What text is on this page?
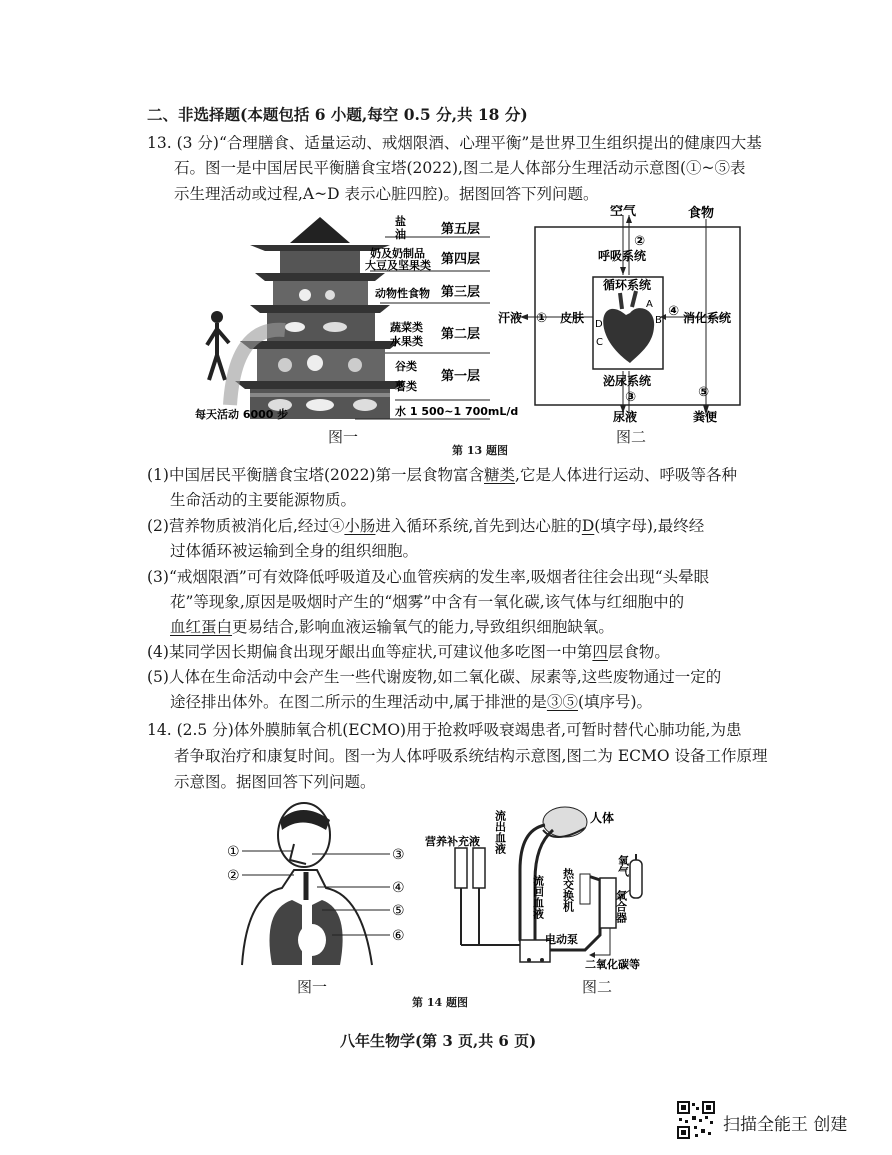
二、非选择题(本题包括 6 小题,每空 0.5 分,共 18 分)
13. (3 分)“合理膳食、适量运动、戒烟限酒、心理平衡”是世界卫生组织提出的健康四大基
石。图一是中国居民平衡膳食宝塔(2022),图二是人体部分生理活动示意图(①~⑤表
示生理活动或过程,A~D 表示心脏四腔)。据图回答下列问题。
盐
油
奶及奶制品
大豆及坚果类
动物性食物
蔬菜类
水果类
谷类
薯类
第五层
第四层
第三层
第二层
第一层
水 1 500~1 700mL/d
每天活动 6000 步
空气	食物
②
呼吸系统
循环系统
汗液 ① 皮肤 D	B
C
A ④ 消化系统
泌尿系统
③	⑤
尿液	粪便
图一	图二
第 13 题图
(1)中国居民平衡膳食宝塔(2022)第一层食物富含糖类,它是人体进行运动、呼吸等各种
生命活动的主要能源物质。
(2)营养物质被消化后,经过④小肠进入循环系统,首先到达心脏的D(填字母),最终经
过体循环被运输到全身的组织细胞。
(3)“戒烟限酒”可有效降低呼吸道及心血管疾病的发生率,吸烟者往往会出现“头晕眼
花”等现象,原因是吸烟时产生的“烟雾”中含有一氧化碳,该气体与红细胞中的
血红蛋白更易结合,影响血液运输氧气的能力,导致组织细胞缺氧。
(4)某同学因长期偏食出现牙龈出血等症状,可建议他多吃图一中第四层食物。
(5)人体在生命活动中会产生一些代谢废物,如二氧化碳、尿素等,这些废物通过一定的
途径排出体外。在图二所示的生理活动中,属于排泄的是③⑤(填序号)。
14. (2.5 分)体外膜肺氧合机(ECMO)用于抢救呼吸衰竭患者,可暂时替代心肺功能,为患
者争取治疗和康复时间。图一为人体呼吸系统结构示意图,图二为 ECMO 设备工作原理
示意图。据图回答下列问题。
①
②
③
④
⑤
⑥
营养补充液 流出血液	人体
热交换机
流回血液
氧气
氧合器
电动泵
二氧化碳等
图一	图二
第 14 题图
八年生物学(第 3 页,共 6 页)
扫描全能王 创建
